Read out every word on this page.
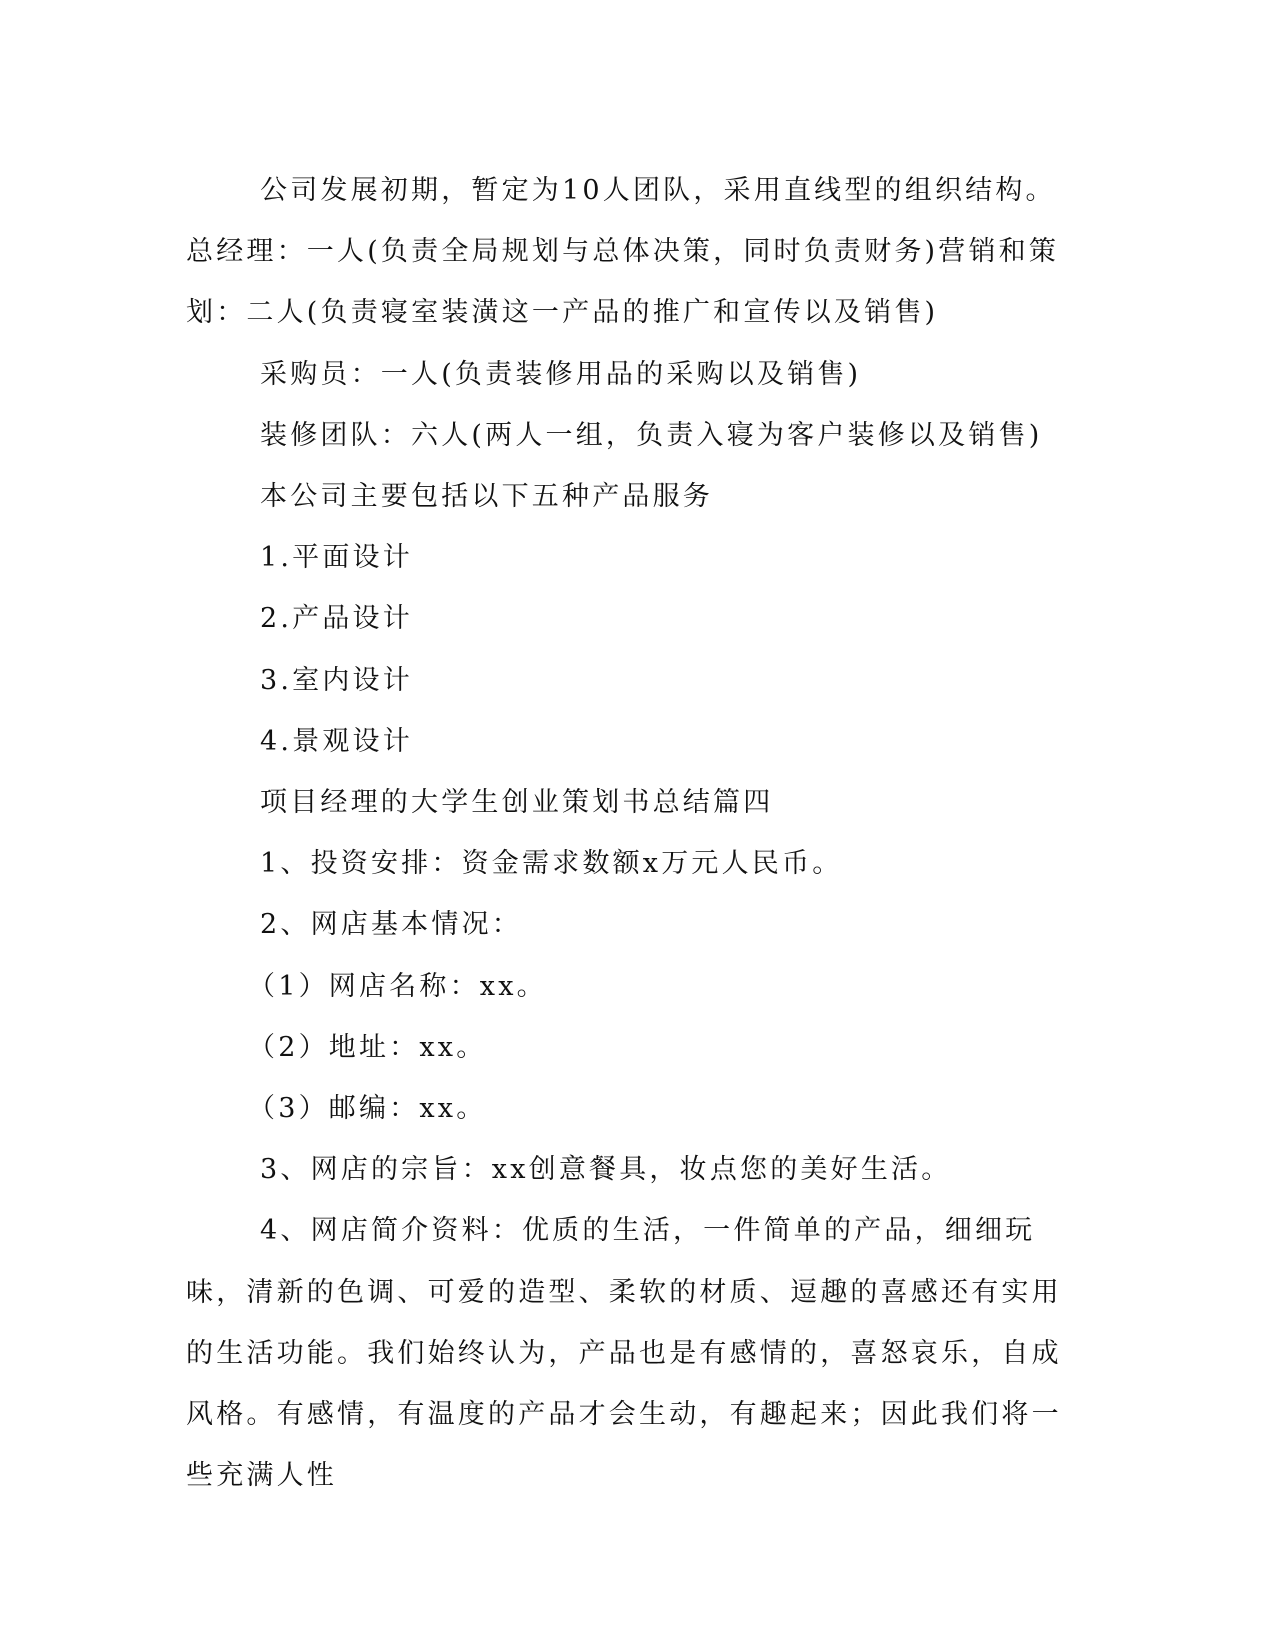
公司发展初期，暂定为10人团队，采用直线型的组织结构。总经理：一人(负责全局规划与总体决策，同时负责财务)营销和策划：二人(负责寝室装潢这一产品的推广和宣传以及销售)

采购员：一人(负责装修用品的采购以及销售)

装修团队：六人(两人一组，负责入寝为客户装修以及销售)

本公司主要包括以下五种产品服务

1.平面设计

2.产品设计

3.室内设计

4.景观设计

项目经理的大学生创业策划书总结篇四

1、投资安排：资金需求数额x万元人民币。

2、网店基本情况：

（1）网店名称：xx。

（2）地址：xx。

（3）邮编：xx。

3、网店的宗旨：xx创意餐具，妆点您的美好生活。

4、网店简介资料：优质的生活，一件简单的产品，细细玩味，清新的色调、可爱的造型、柔软的材质、逗趣的喜感还有实用的生活功能。我们始终认为，产品也是有感情的，喜怒哀乐，自成风格。有感情，有温度的产品才会生动，有趣起来；因此我们将一些充满人性
